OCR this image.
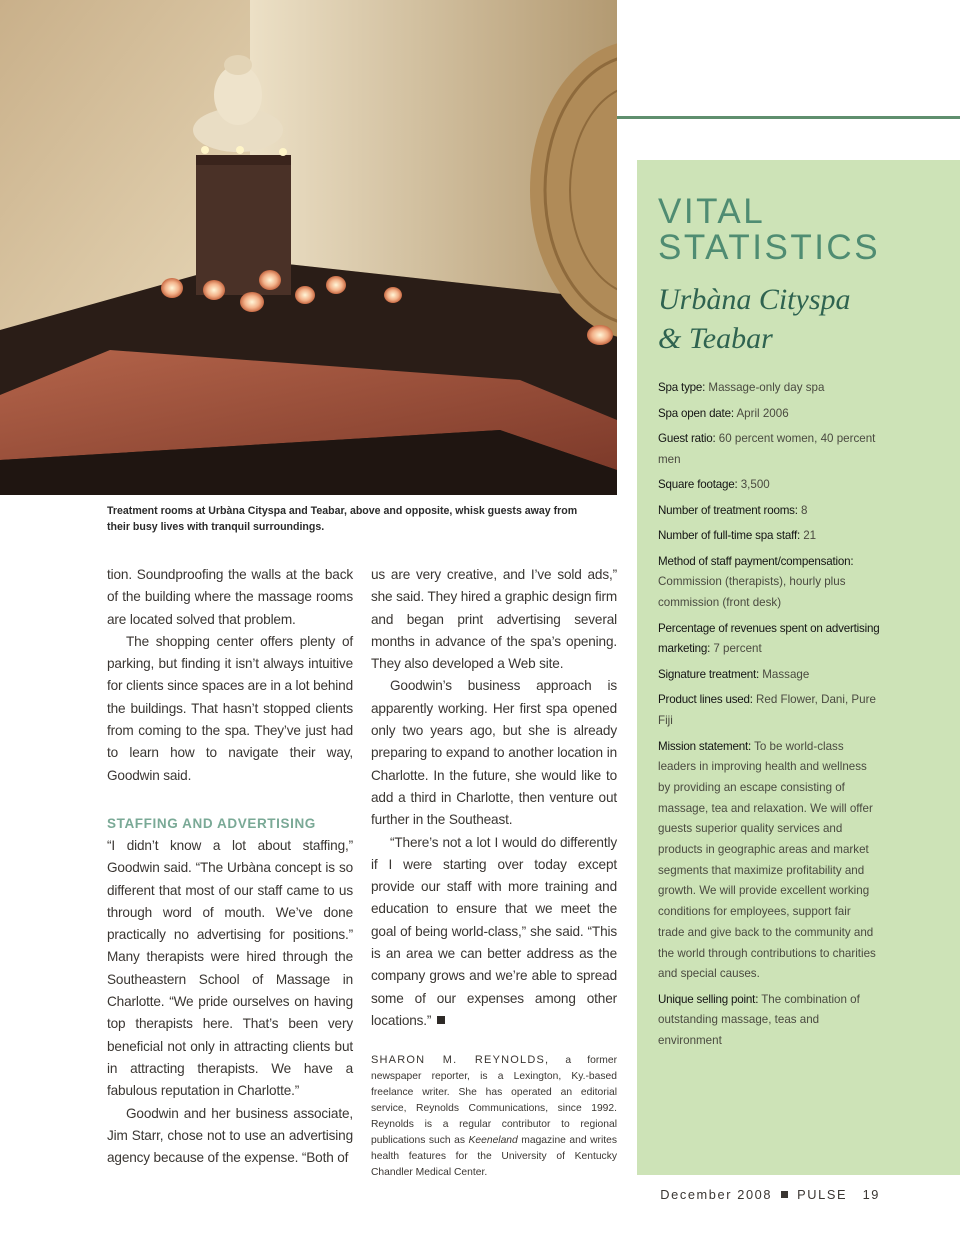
Treatment rooms at Urbàna Cityspa and Teabar, above and opposite, whisk guests away from their busy lives with tranquil surroundings.

tion. Soundproofing the walls at the back of the building where the massage rooms are located solved that problem.

The shopping center offers plenty of parking, but finding it isn’t always intuitive for clients since spaces are in a lot behind the buildings. That hasn’t stopped clients from coming to the spa. They’ve just had to learn how to navigate their way, Goodwin said.

STAFFING AND ADVERTISING

“I didn’t know a lot about staffing,” Goodwin said. “The Urbàna concept is so different that most of our staff came to us through word of mouth. We’ve done practically no advertising for positions.” Many therapists were hired through the Southeastern School of Massage in Charlotte. “We pride ourselves on having top therapists here. That’s been very beneficial not only in attracting clients but in attracting therapists. We have a fabulous reputation in Charlotte.”

Goodwin and her business associate, Jim Starr, chose not to use an advertising agency because of the expense. “Both of

us are very creative, and I’ve sold ads,” she said. They hired a graphic design firm and began print advertising several months in advance of the spa’s opening. They also developed a Web site.

Goodwin’s business approach is apparently working. Her first spa opened only two years ago, but she is already preparing to expand to another location in Charlotte. In the future, she would like to add a third in Charlotte, then venture out further in the Southeast.

“There’s not a lot I would do differently if I were starting over today except provide our staff with more training and education to ensure that we meet the goal of being world-class,” she said. “This is an area we can better address as the company grows and we’re able to spread some of our expenses among other locations.”

SHARON M. REYNOLDS, a former newspaper reporter, is a Lexington, Ky.-based freelance writer. She has operated an editorial service, Reynolds Communications, since 1992. Reynolds is a regular contributor to regional publications such as Keeneland magazine and writes health features for the University of Kentucky Chandler Medical Center.
VITAL
STATISTICS
Urbàna Cityspa
& Teabar
Spa type: Massage-only day spa
Spa open date: April 2006
Guest ratio: 60 percent women, 40 percent men
Square footage: 3,500
Number of treatment rooms: 8
Number of full-time spa staff: 21
Method of staff payment/compensation: Commission (therapists), hourly plus commission (front desk)
Percentage of revenues spent on advertising marketing: 7 percent
Signature treatment: Massage
Product lines used: Red Flower, Dani, Pure Fiji
Mission statement: To be world-class leaders in improving health and wellness by providing an escape consisting of massage, tea and relaxation. We will offer guests superior quality services and products in geographic areas and market segments that maximize profitability and growth. We will provide excellent working conditions for employees, support fair trade and give back to the community and the world through contributions to charities and special causes.
Unique selling point: The combination of outstanding massage, teas and environment
December 2008 PULSE 19
